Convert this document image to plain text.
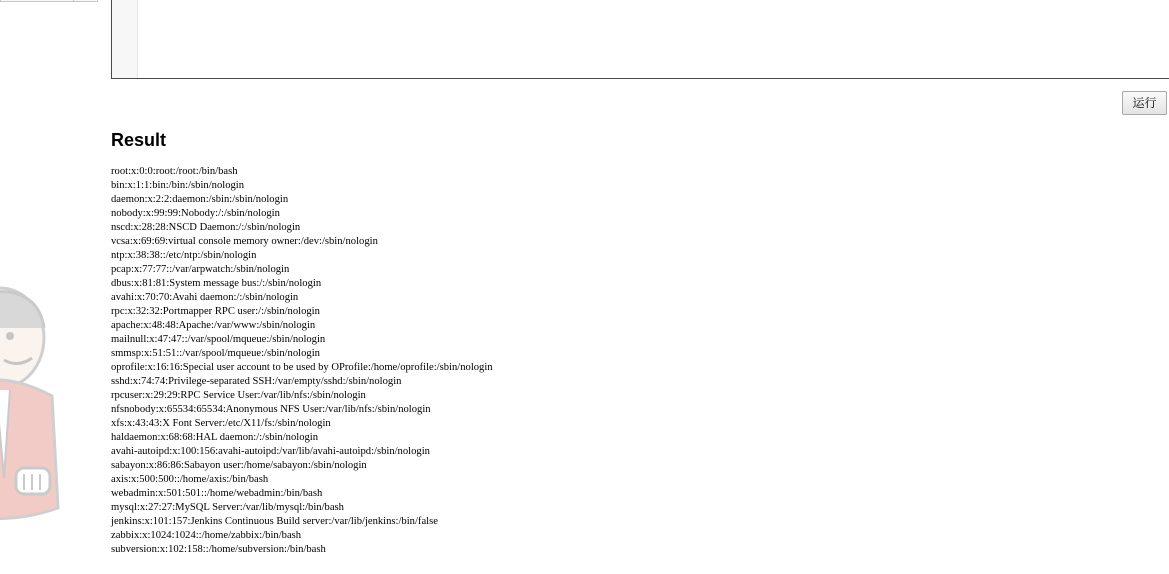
运行
Result
root:x:0:0:root:/root:/bin/bash
bin:x:1:1:bin:/bin:/sbin/nologin
daemon:x:2:2:daemon:/sbin:/sbin/nologin
nobody:x:99:99:Nobody:/:/sbin/nologin
nscd:x:28:28:NSCD Daemon:/:/sbin/nologin
vcsa:x:69:69:virtual console memory owner:/dev:/sbin/nologin
ntp:x:38:38::/etc/ntp:/sbin/nologin
pcap:x:77:77::/var/arpwatch:/sbin/nologin
dbus:x:81:81:System message bus:/:/sbin/nologin
avahi:x:70:70:Avahi daemon:/:/sbin/nologin
rpc:x:32:32:Portmapper RPC user:/:/sbin/nologin
apache:x:48:48:Apache:/var/www:/sbin/nologin
mailnull:x:47:47::/var/spool/mqueue:/sbin/nologin
smmsp:x:51:51::/var/spool/mqueue:/sbin/nologin
oprofile:x:16:16:Special user account to be used by OProfile:/home/oprofile:/sbin/nologin
sshd:x:74:74:Privilege-separated SSH:/var/empty/sshd:/sbin/nologin
rpcuser:x:29:29:RPC Service User:/var/lib/nfs:/sbin/nologin
nfsnobody:x:65534:65534:Anonymous NFS User:/var/lib/nfs:/sbin/nologin
xfs:x:43:43:X Font Server:/etc/X11/fs:/sbin/nologin
haldaemon:x:68:68:HAL daemon:/:/sbin/nologin
avahi-autoipd:x:100:156:avahi-autoipd:/var/lib/avahi-autoipd:/sbin/nologin
sabayon:x:86:86:Sabayon user:/home/sabayon:/sbin/nologin
axis:x:500:500::/home/axis:/bin/bash
webadmin:x:501:501::/home/webadmin:/bin/bash
mysql:x:27:27:MySQL Server:/var/lib/mysql:/bin/bash
jenkins:x:101:157:Jenkins Continuous Build server:/var/lib/jenkins:/bin/false
zabbix:x:1024:1024::/home/zabbix:/bin/bash
subversion:x:102:158::/home/subversion:/bin/bash
